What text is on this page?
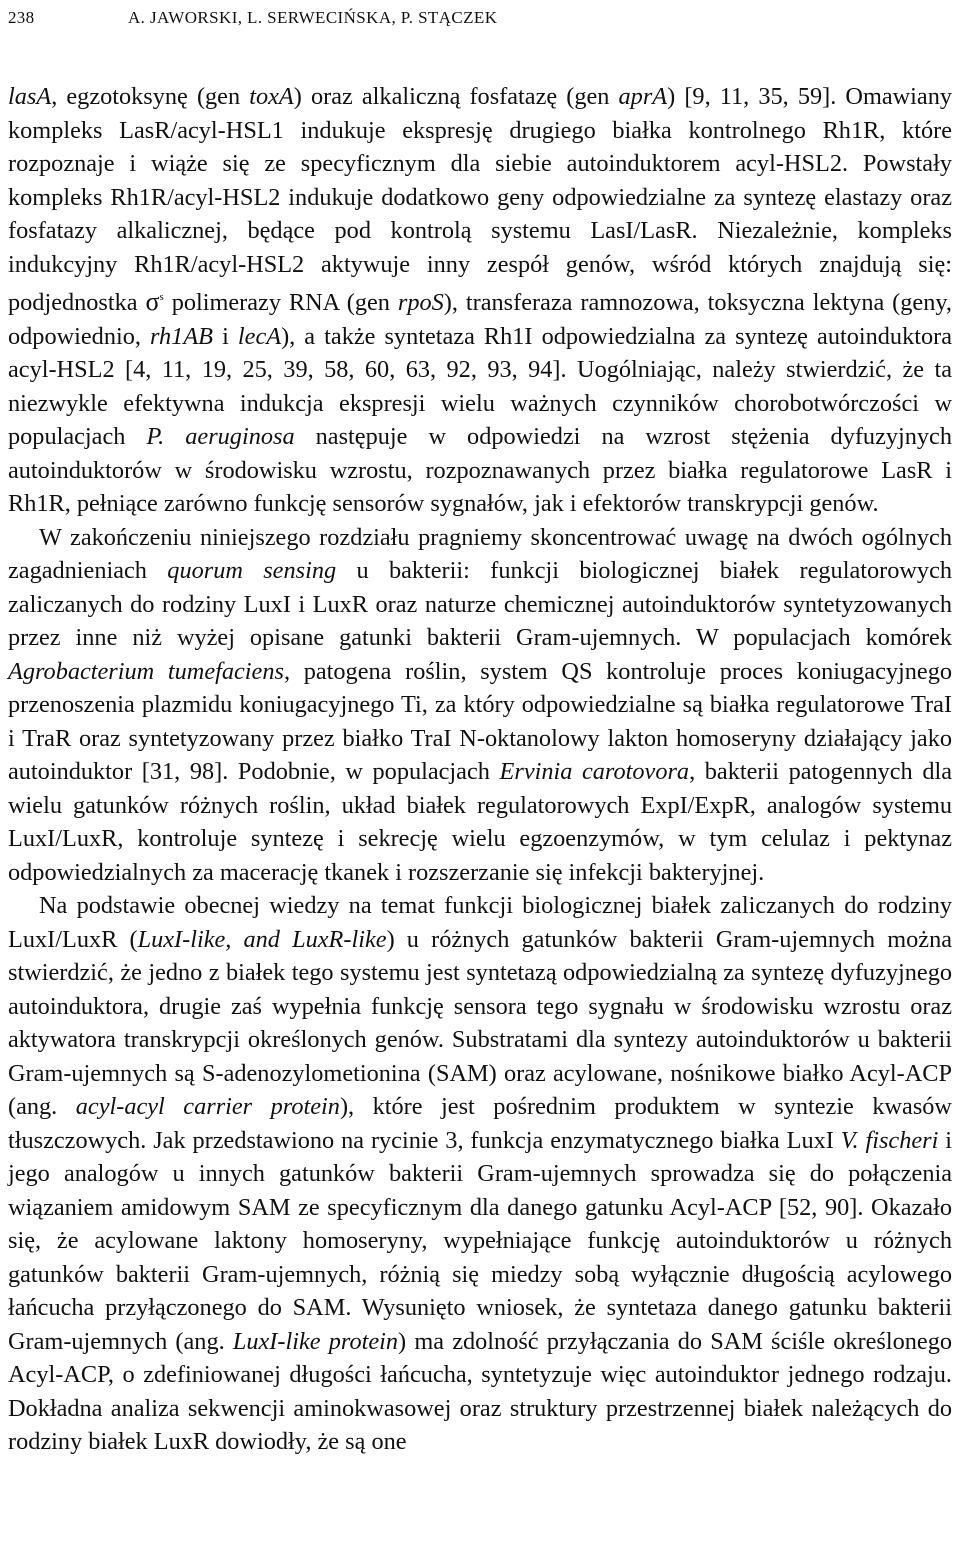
238	A. JAWORSKI, L. SERWECIŃSKA, P. STĄCZEK

lasA, egzotoksynę (gen toxA) oraz alkaliczną fosfatazę (gen aprA) [9, 11, 35, 59]. Omawiany kompleks LasR/acyl-HSL1 indukuje ekspresję drugiego białka kontrolnego Rh1R, które rozpoznaje i wiąże się ze specyficznym dla siebie autoinduktorem acyl-HSL2. Powstały kompleks Rh1R/acyl-HSL2 indukuje dodatkowo geny odpowiedzialne za syntezę elastazy oraz fosfatazy alkalicznej, będące pod kontrolą systemu LasI/LasR. Niezależnie, kompleks indukcyjny Rh1R/acyl-HSL2 aktywuje inny zespół genów, wśród których znajdują się: podjednostka $\sigma^s$ polimerazy RNA (gen rpoS), transferaza ramnozowa, toksyczna lektyna (geny, odpowiednio, rh1AB i lecA), a także syntetaza Rh1I odpowiedzialna za syntezę autoinduktora acyl-HSL2 [4, 11, 19, 25, 39, 58, 60, 63, 92, 93, 94]. Uogólniając, należy stwierdzić, że ta niezwykle efektywna indukcja ekspresji wielu ważnych czynników chorobotwórczości w populacjach P. aeruginosa następuje w odpowiedzi na wzrost stężenia dyfuzyjnych autoinduktorów w środowisku wzrostu, rozpoznawanych przez białka regulatorowe LasR i Rh1R, pełniące zarówno funkcję sensorów sygnałów, jak i efektorów transkrypcji genów.

W zakończeniu niniejszego rozdziału pragniemy skoncentrować uwagę na dwóch ogólnych zagadnieniach quorum sensing u bakterii: funkcji biologicznej białek regulatorowych zaliczanych do rodziny LuxI i LuxR oraz naturze chemicznej autoinduktorów syntetyzowanych przez inne niż wyżej opisane gatunki bakterii Gram-ujemnych. W populacjach komórek Agrobacterium tumefaciens, patogena roślin, system QS kontroluje proces koniugacyjnego przenoszenia plazmidu koniugacyjnego Ti, za który odpowiedzialne są białka regulatorowe TraI i TraR oraz syntetyzowany przez białko TraI N-oktanolowy lakton homoseryny działający jako autoinduktor [31, 98]. Podobnie, w populacjach Ervinia carotovora, bakterii patogennych dla wielu gatunków różnych roślin, układ białek regulatorowych ExpI/ExpR, analogów systemu LuxI/LuxR, kontroluje syntezę i sekrecję wielu egzoenzymów, w tym celulaz i pektynaz odpowiedzialnych za macerację tkanek i rozszerzanie się infekcji bakteryjnej.

Na podstawie obecnej wiedzy na temat funkcji biologicznej białek zaliczanych do rodziny LuxI/LuxR (LuxI-like, and LuxR-like) u różnych gatunków bakterii Gram-ujemnych można stwierdzić, że jedno z białek tego systemu jest syntetazą odpowiedzialną za syntezę dyfuzyjnego autoinduktora, drugie zaś wypełnia funkcję sensora tego sygnału w środowisku wzrostu oraz aktywatora transkrypcji określonych genów. Substratami dla syntezy autoinduktorów u bakterii Gram-ujemnych są S-adenozylometionina (SAM) oraz acylowane, nośnikowe białko Acyl-ACP (ang. acyl-acyl carrier protein), które jest pośrednim produktem w syntezie kwasów tłuszczowych. Jak przedstawiono na rycinie 3, funkcja enzymatycznego białka LuxI V. fischeri i jego analogów u innych gatunków bakterii Gram-ujemnych sprowadza się do połączenia wiązaniem amidowym SAM ze specyficznym dla danego gatunku Acyl-ACP [52, 90]. Okazało się, że acylowane laktony homoseryny, wypełniające funkcję autoinduktorów u różnych gatunków bakterii Gram-ujemnych, różnią się miedzy sobą wyłącznie długością acylowego łańcucha przyłączonego do SAM. Wysunięto wniosek, że syntetaza danego gatunku bakterii Gram-ujemnych (ang. LuxI-like protein) ma zdolność przyłączania do SAM ściśle określonego Acyl-ACP, o zdefiniowanej długości łańcucha, syntetyzuje więc autoinduktor jednego rodzaju. Dokładna analiza sekwencji aminokwasowej oraz struktury przestrzennej białek należących do rodziny białek LuxR dowiodły, że są one
